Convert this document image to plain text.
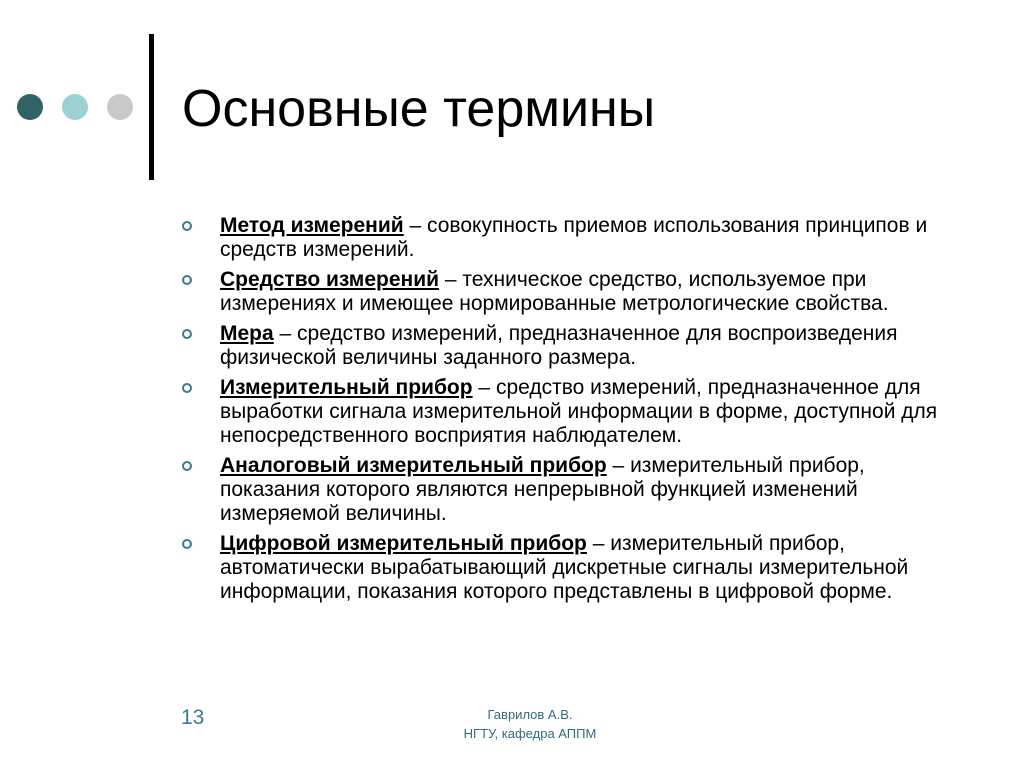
Основные термины
Метод измерений – совокупность приемов использования принципов и средств измерений.
Средство измерений – техническое средство, используемое при измерениях и имеющее нормированные метрологические свойства.
Мера – средство измерений, предназначенное для воспроизведения физической величины заданного размера.
Измерительный прибор – средство измерений, предназначенное для выработки сигнала измерительной информации в форме, доступной для непосредственного восприятия наблюдателем.
Аналоговый измерительный прибор – измерительный прибор, показания которого являются непрерывной функцией изменений измеряемой величины.
Цифровой измерительный прибор – измерительный прибор, автоматически вырабатывающий дискретные сигналы измерительной информации, показания которого представлены в цифровой форме.
13	Гаврилов А.В.
НГТУ, кафедра АППМ
